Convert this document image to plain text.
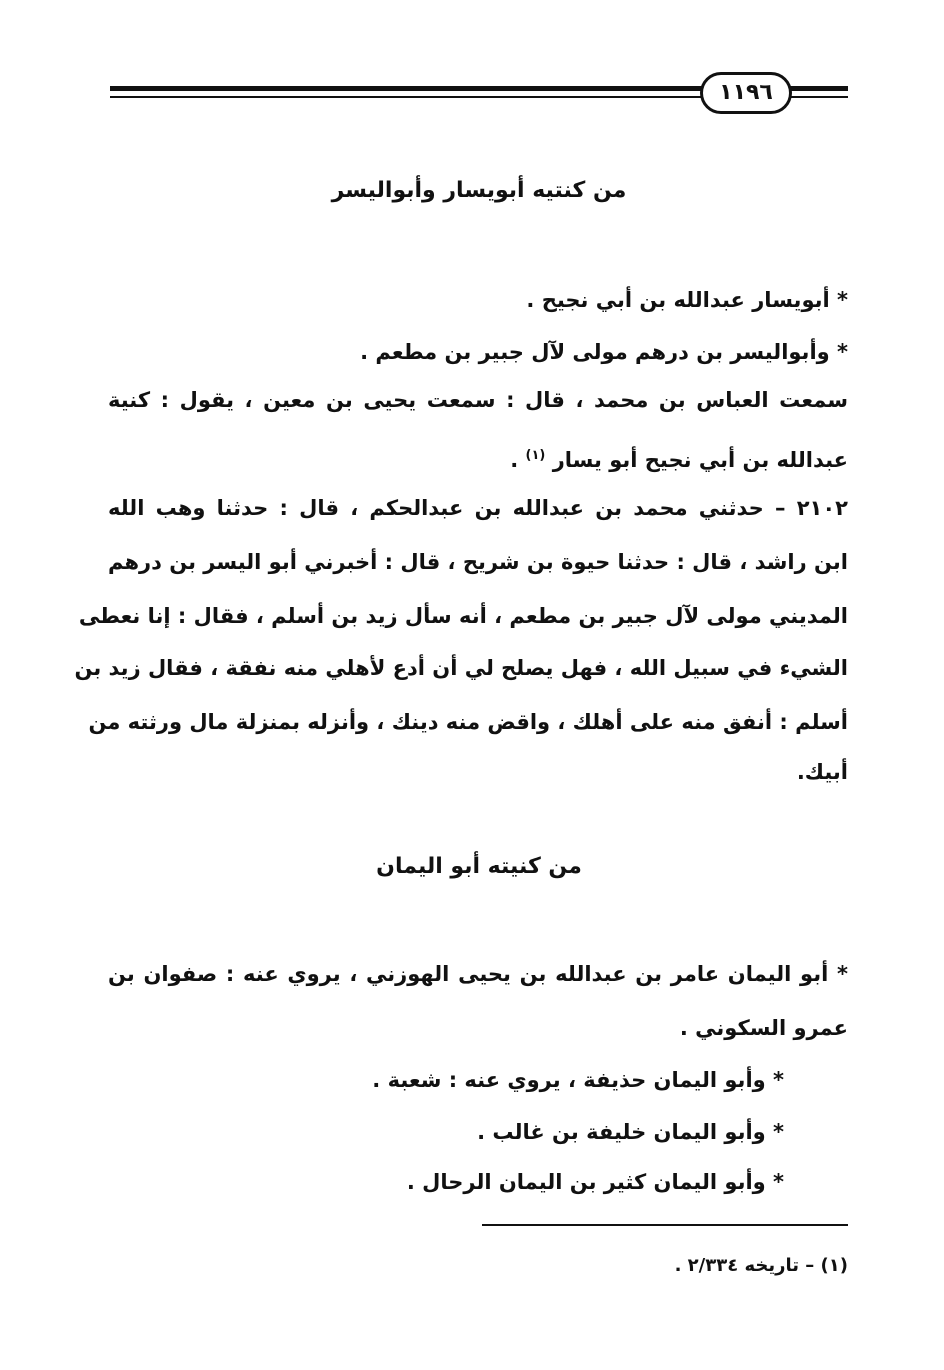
١١٩٦
من كنتيه أبويسار وأبواليسر
* أبويسار عبدالله بن أبي نجيح .
* وأبواليسر بن درهم مولى لآل جبير بن مطعم .
سمعت العباس بن محمد ، قال : سمعت يحيى بن معين ، يقول : كنية
عبدالله بن أبي نجيح أبو يسار $^{(١)}$ .
٢١٠٢ – حدثني محمد بن عبدالله بن عبدالحكم ، قال : حدثنا وهب الله
ابن راشد ، قال : حدثنا حيوة بن شريح ، قال : أخبرني أبو اليسر بن درهم
المديني مولى لآل جبير بن مطعم ، أنه سأل زيد بن أسلم ، فقال : إنا نعطى
الشيء في سبيل الله ، فهل يصلح لي أن أدع لأهلي منه نفقة ، فقال زيد بن
أسلم : أنفق منه على أهلك ، واقض منه دينك ، وأنزله بمنزلة مال ورثته من
أبيك.
من كنيته أبو اليمان
* أبو اليمان عامر بن عبدالله بن يحيى الهوزني ، يروي عنه : صفوان بن
عمرو السكوني .
* وأبو اليمان حذيفة ، يروي عنه : شعبة .
* وأبو اليمان خليفة بن غالب .
* وأبو اليمان كثير بن اليمان الرحال .
(١) – تاريخه ٢/٣٣٤ .
